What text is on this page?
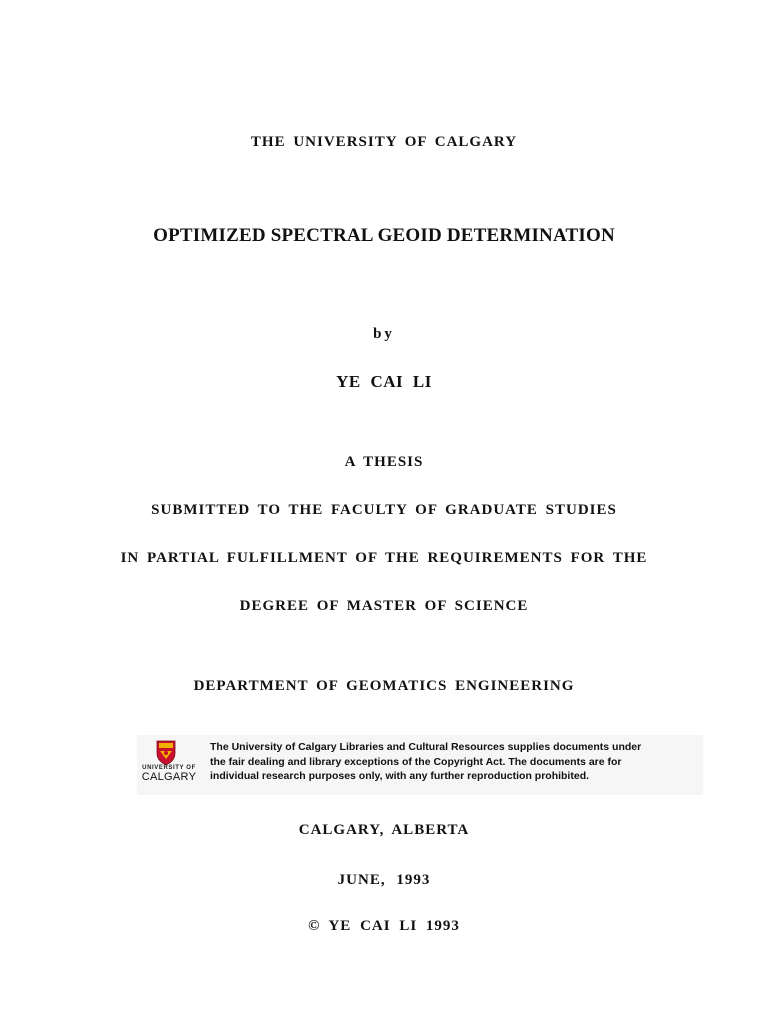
THE UNIVERSITY OF CALGARY
OPTIMIZED SPECTRAL GEOID DETERMINATION
by
YE CAI LI
A THESIS
SUBMITTED TO THE FACULTY OF GRADUATE STUDIES
IN PARTIAL FULFILLMENT OF THE REQUIREMENTS FOR THE
DEGREE OF MASTER OF SCIENCE
DEPARTMENT OF GEOMATICS ENGINEERING
UNIVERSITY OF
CALGARY
The University of Calgary Libraries and Cultural Resources supplies documents under
the fair dealing and library exceptions of the Copyright Act. The documents are for
individual research purposes only, with any further reproduction prohibited.
CALGARY, ALBERTA
JUNE, 1993
© YE CAI LI 1993
